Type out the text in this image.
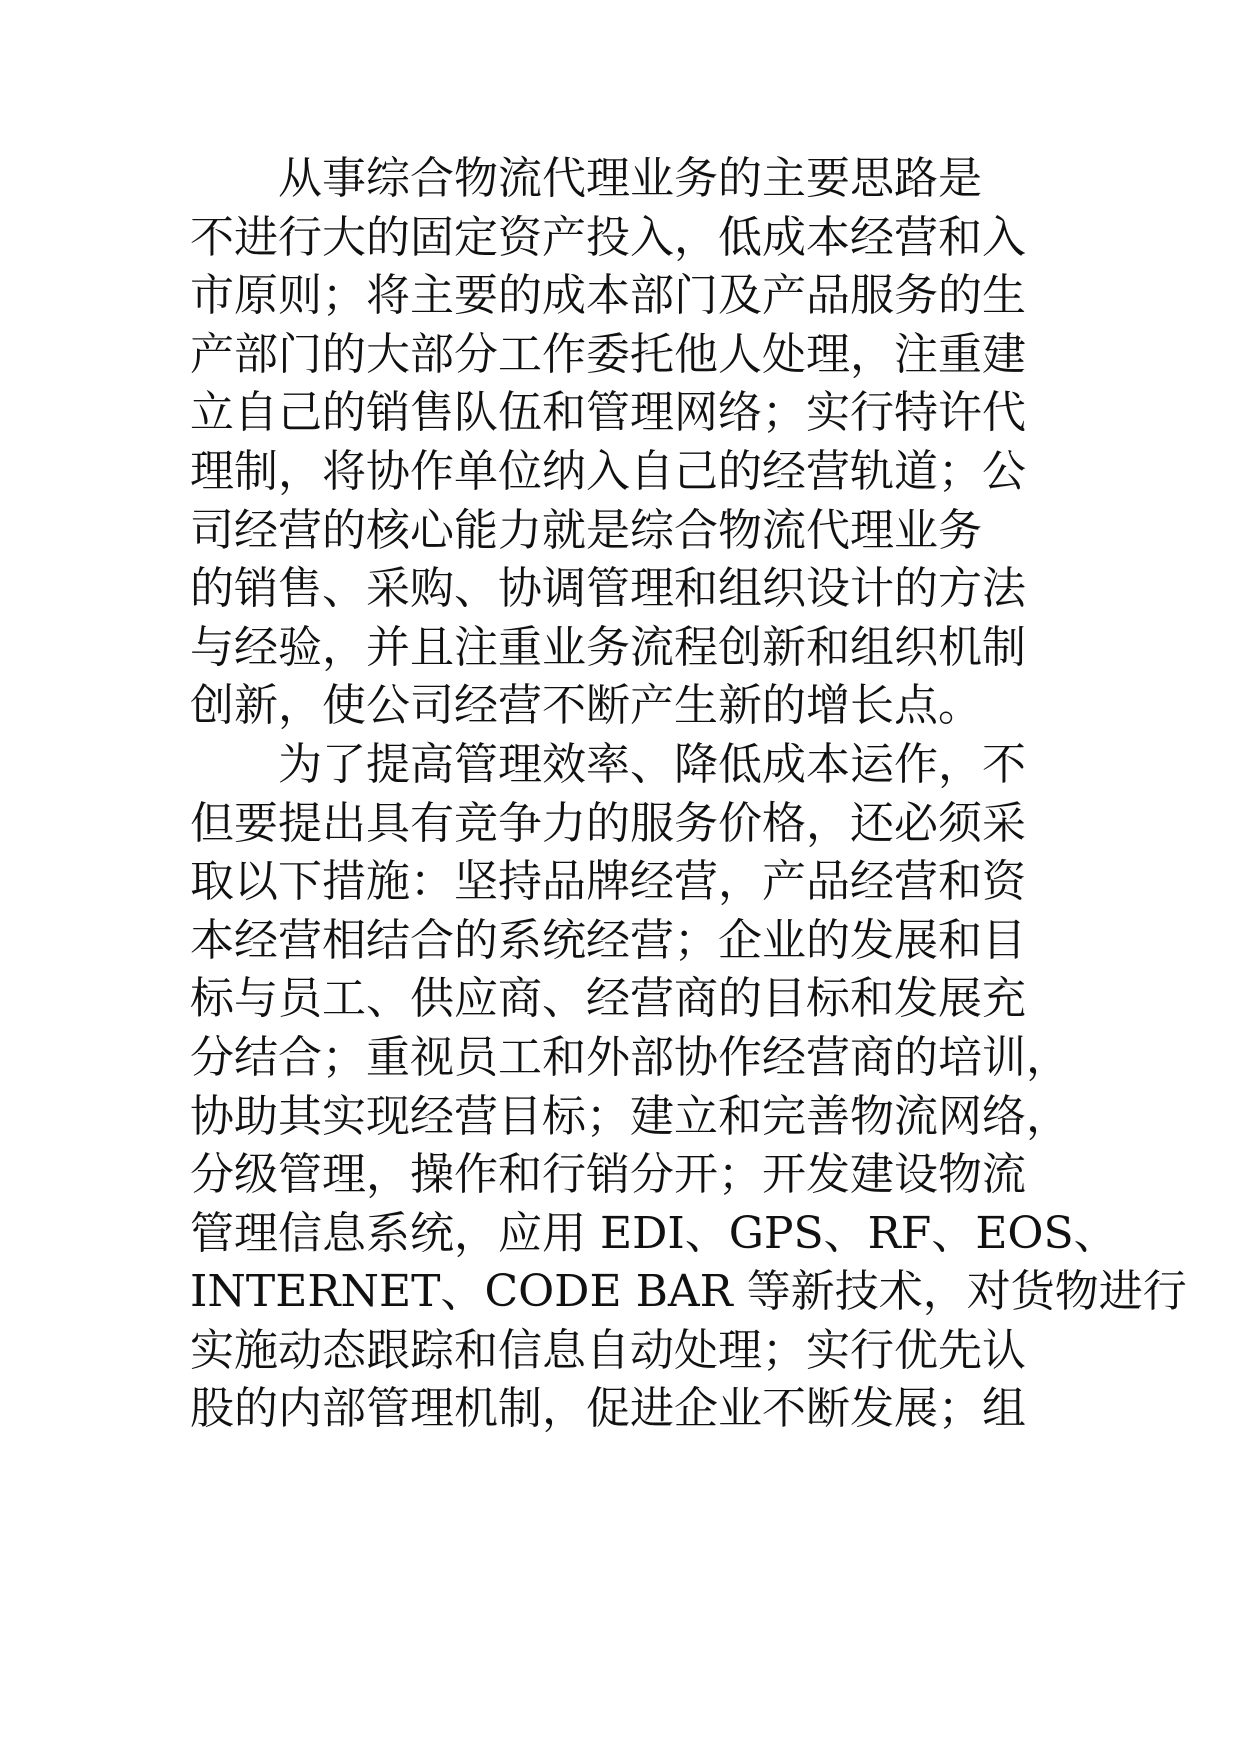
从事综合物流代理业务的主要思路是
不进行大的固定资产投入，低成本经营和入
市原则；将主要的成本部门及产品服务的生
产部门的大部分工作委托他人处理，注重建
立自己的销售队伍和管理网络；实行特许代
理制，将协作单位纳入自己的经营轨道；公
司经营的核心能力就是综合物流代理业务
的销售、采购、协调管理和组织设计的方法
与经验，并且注重业务流程创新和组织机制
创新，使公司经营不断产生新的增长点。
为了提高管理效率、降低成本运作，不
但要提出具有竞争力的服务价格，还必须采
取以下措施：坚持品牌经营，产品经营和资
本经营相结合的系统经营；企业的发展和目
标与员工、供应商、经营商的目标和发展充
分结合；重视员工和外部协作经营商的培训，
协助其实现经营目标；建立和完善物流网络，
分级管理，操作和行销分开；开发建设物流
管理信息系统，应用 EDI、GPS、RF、EOS、
INTERNET、CODE BAR 等新技术，对货物进行
实施动态跟踪和信息自动处理；实行优先认
股的内部管理机制，促进企业不断发展；组
